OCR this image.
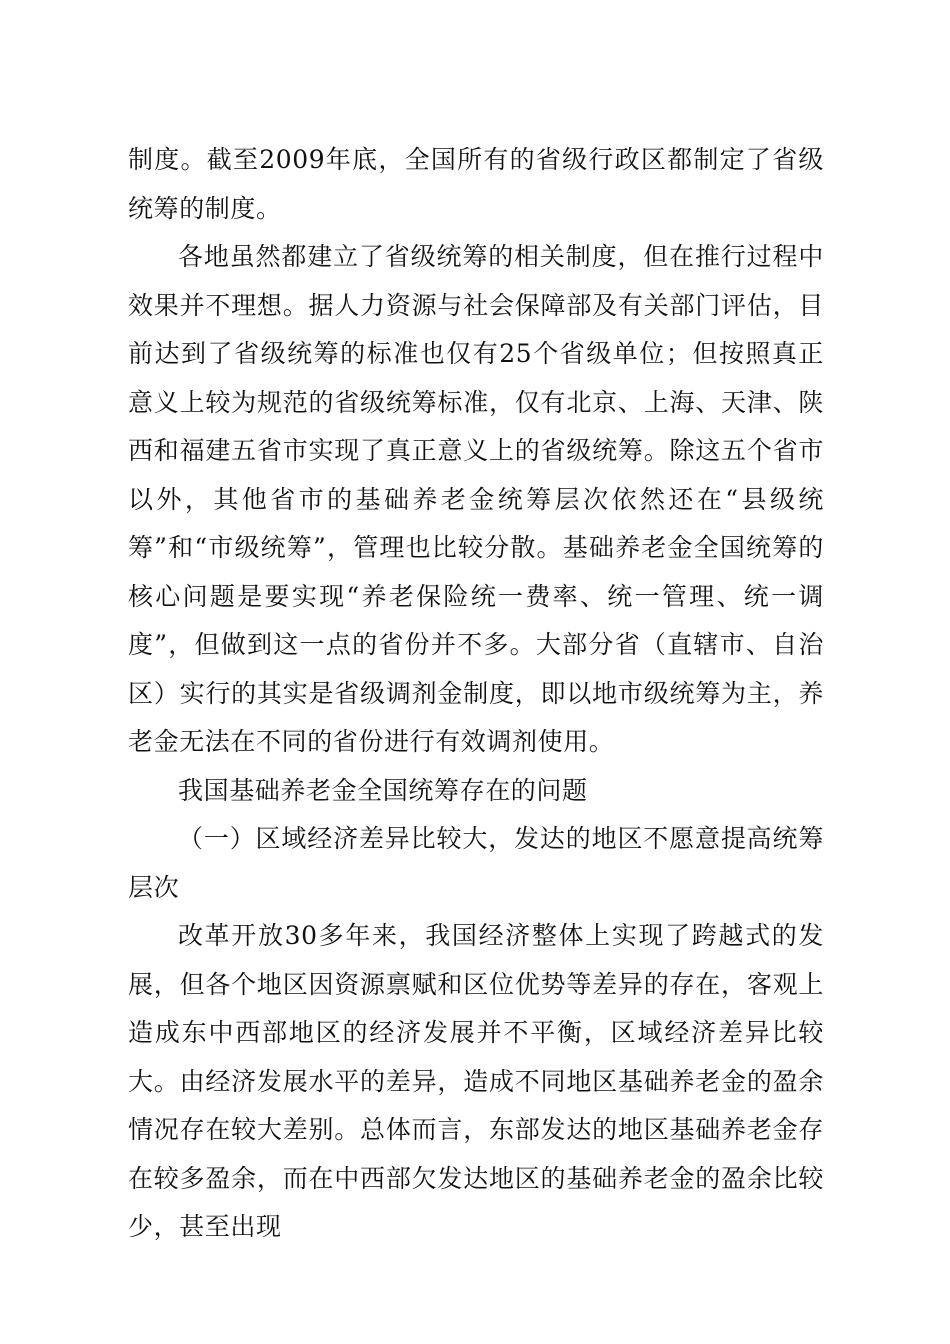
制度。截至2009年底，全国所有的省级行政区都制定了省级统筹的制度。

各地虽然都建立了省级统筹的相关制度，但在推行过程中效果并不理想。据人力资源与社会保障部及有关部门评估，目前达到了省级统筹的标准也仅有25个省级单位；但按照真正意义上较为规范的省级统筹标准，仅有北京、上海、天津、陕西和福建五省市实现了真正意义上的省级统筹。除这五个省市以外，其他省市的基础养老金统筹层次依然还在“县级统筹”和“市级统筹”，管理也比较分散。基础养老金全国统筹的核心问题是要实现“养老保险统一费率、统一管理、统一调度”，但做到这一点的省份并不多。大部分省（直辖市、自治区）实行的其实是省级调剂金制度，即以地市级统筹为主，养老金无法在不同的省份进行有效调剂使用。

我国基础养老金全国统筹存在的问题

（一）区域经济差异比较大，发达的地区不愿意提高统筹层次

改革开放30多年来，我国经济整体上实现了跨越式的发展，但各个地区因资源禀赋和区位优势等差异的存在，客观上造成东中西部地区的经济发展并不平衡，区域经济差异比较大。由经济发展水平的差异，造成不同地区基础养老金的盈余情况存在较大差别。总体而言，东部发达的地区基础养老金存在较多盈余，而在中西部欠发达地区的基础养老金的盈余比较少，甚至出现
